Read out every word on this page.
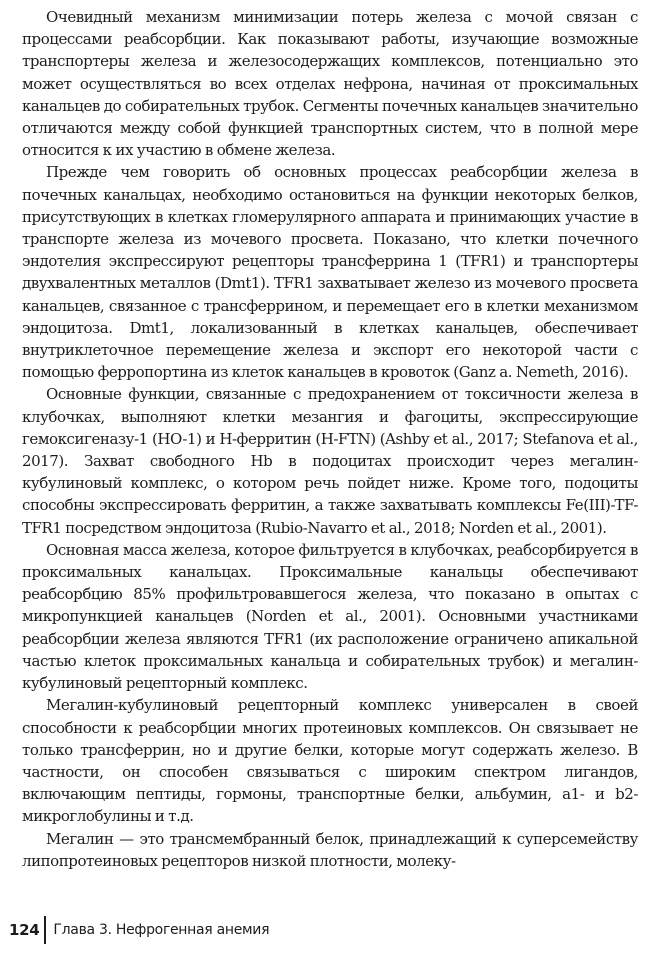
Очевидный механизм минимизации потерь железа с мочой связан с процессами реабсорбции. Как показывают работы, изучающие возможные транспортеры железа и железосодержащих комплексов, потенциально это может осуществляться во всех отделах нефрона, начиная от проксимальных канальцев до собирательных трубок. Сегменты почечных канальцев значительно отличаются между собой функцией транспортных систем, что в полной мере относится к их участию в обмене железа.

Прежде чем говорить об основных процессах реабсорбции железа в почечных канальцах, необходимо остановиться на функции некоторых белков, присутствующих в клетках гломерулярного аппарата и принимающих участие в транспорте железа из мочевого просвета. Показано, что клетки почечного эндотелия экспрессируют рецепторы трансферрина 1 (TFR1) и транспортеры двухвалентных металлов (Dmt1). TFR1 захватывает железо из мочевого просвета канальцев, связанное с трансферрином, и перемещает его в клетки механизмом эндоцитоза. Dmt1, локализованный в клетках канальцев, обеспечивает внутриклеточное перемещение железа и экспорт его некоторой части с помощью ферропортина из клеток канальцев в кровоток (Ganz a. Nemeth, 2016).

Основные функции, связанные с предохранением от токсичности железа в клубочках, выполняют клетки мезангия и фагоциты, экспрессирующие гемоксигеназу-1 (HO-1) и H-ферритин (H-FTN) (Ashby et al., 2017; Stefanova et al., 2017). Захват свободного Hb в подоцитах происходит через мегалин-кубулиновый комплекс, о котором речь пойдет ниже. Кроме того, подоциты способны экспрессировать ферритин, а также захватывать комплексы Fe(III)-TF-TFR1 посредством эндоцитоза (Rubio-Navarro et al., 2018; Norden et al., 2001).

Основная масса железа, которое фильтруется в клубочках, реабсорбируется в проксимальных канальцах. Проксимальные канальцы обеспечивают реабсорбцию 85% профильтровавшегося железа, что показано в опытах с микропункцией канальцев (Norden et al., 2001). Основными участниками реабсорбции железа являются TFR1 (их расположение ограничено апикальной частью клеток проксимальных канальца и собирательных трубок) и мегалин-кубулиновый рецепторный комплекс.

Мегалин-кубулиновый рецепторный комплекс универсален в своей способности к реабсорбции многих протеиновых комплексов. Он связывает не только трансферрин, но и другие белки, которые могут содержать железо. В частности, он способен связываться с широким спектром лигандов, включающим пептиды, гормоны, транспортные белки, альбумин, a1- и b2-микроглобулины и т.д.

Мегалин — это трансмембранный белок, принадлежащий к суперсемейству липопротеиновых рецепторов низкой плотности, молеку-

124 Глава 3. Нефрогенная анемия
